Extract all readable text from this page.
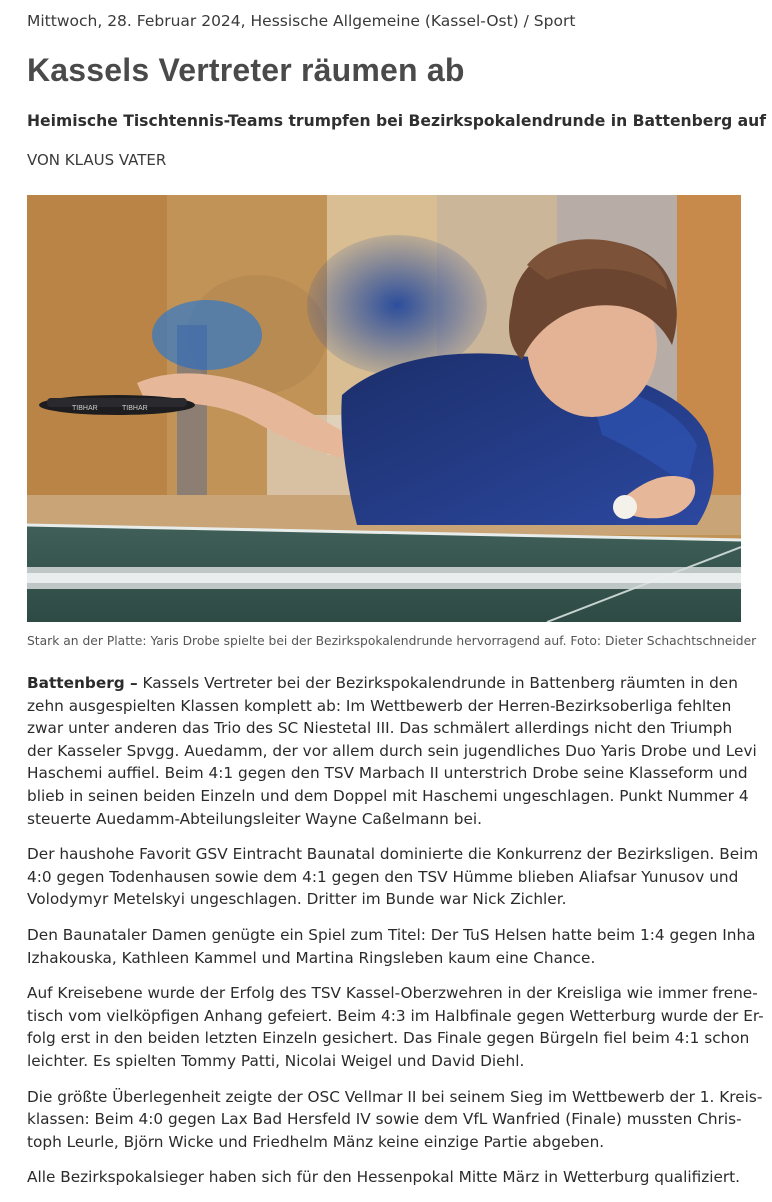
Mittwoch, 28. Februar 2024, Hessische Allgemeine (Kassel-Ost) / Sport
Kassels Vertreter räumen ab
Heimische Tischtennis-Teams trumpfen bei Bezirkspokalendrunde in Battenberg auf
VON KLAUS VATER
TIBHAR	TIBHAR
Stark an der Platte: Yaris Drobe spielte bei der Bezirkspokalendrunde hervorragend auf. Foto: Dieter Schachtschneider

Battenberg – Kassels Vertreter bei der Bezirkspokalendrunde in Battenberg räumten in den
zehn ausgespielten Klassen komplett ab: Im Wettbewerb der Herren-Bezirksoberliga fehlten
zwar unter anderen das Trio des SC Niestetal III. Das schmälert allerdings nicht den Triumph
der Kasseler Spvgg. Auedamm, der vor allem durch sein jugendliches Duo Yaris Drobe und Levi
Haschemi auffiel. Beim 4:1 gegen den TSV Marbach II unterstrich Drobe seine Klasseform und
blieb in seinen beiden Einzeln und dem Doppel mit Haschemi ungeschlagen. Punkt Nummer 4
steuerte Auedamm-Abteilungsleiter Wayne Caßelmann bei.

Der haushohe Favorit GSV Eintracht Baunatal dominierte die Konkurrenz der Bezirksligen. Beim
4:0 gegen Todenhausen sowie dem 4:1 gegen den TSV Hümme blieben Aliafsar Yunusov und
Volodymyr Metelskyi ungeschlagen. Dritter im Bunde war Nick Zichler.

Den Baunataler Damen genügte ein Spiel zum Titel: Der TuS Helsen hatte beim 1:4 gegen Inha
Izhakouska, Kathleen Kammel und Martina Ringsleben kaum eine Chance.

Auf Kreisebene wurde der Erfolg des TSV Kassel-Oberzwehren in der Kreisliga wie immer frene-
tisch vom vielköpfigen Anhang gefeiert. Beim 4:3 im Halbfinale gegen Wetterburg wurde der Er-
folg erst in den beiden letzten Einzeln gesichert. Das Finale gegen Bürgeln fiel beim 4:1 schon
leichter. Es spielten Tommy Patti, Nicolai Weigel und David Diehl.

Die größte Überlegenheit zeigte der OSC Vellmar II bei seinem Sieg im Wettbewerb der 1. Kreis-
klassen: Beim 4:0 gegen Lax Bad Hersfeld IV sowie dem VfL Wanfried (Finale) mussten Chris-
toph Leurle, Björn Wicke und Friedhelm Mänz keine einzige Partie abgeben.

Alle Bezirkspokalsieger haben sich für den Hessenpokal Mitte März in Wetterburg qualifiziert.
